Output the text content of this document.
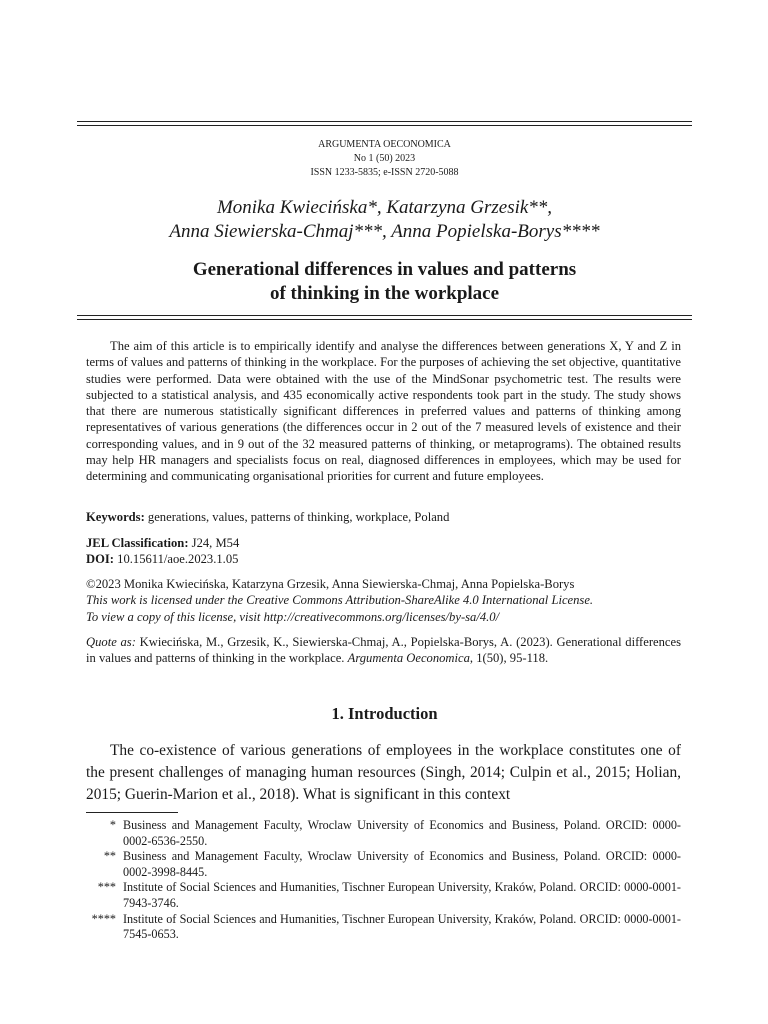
ARGUMENTA OECONOMICA
No 1 (50) 2023
ISSN 1233-5835; e-ISSN 2720-5088
Monika Kwiecińska*, Katarzyna Grzesik**,
Anna Siewierska-Chmaj***, Anna Popielska-Borys****
Generational differences in values and patterns
of thinking in the workplace

The aim of this article is to empirically identify and analyse the differences between generations X, Y and Z in terms of values and patterns of thinking in the workplace. For the purposes of achieving the set objective, quantitative studies were performed. Data were obtained with the use of the MindSonar psychometric test. The results were subjected to a statistical analysis, and 435 economically active respondents took part in the study. The study shows that there are numerous statistically significant differences in preferred values and patterns of thinking among representatives of various generations (the differences occur in 2 out of the 7 measured levels of existence and their corresponding values, and in 9 out of the 32 measured patterns of thinking, or metaprograms). The obtained results may help HR managers and specialists focus on real, diagnosed differences in employees, which may be used for determining and communicating organisational priorities for current and future employees.

Keywords: generations, values, patterns of thinking, workplace, Poland

JEL Classification: J24, M54

DOI: 10.15611/aoe.2023.1.05

©2023 Monika Kwiecińska, Katarzyna Grzesik, Anna Siewierska-Chmaj, Anna Popielska-Borys
This work is licensed under the Creative Commons Attribution-ShareAlike 4.0 International License.
To view a copy of this license, visit http://creativecommons.org/licenses/by-sa/4.0/

Quote as: Kwiecińska, M., Grzesik, K., Siewierska-Chmaj, A., Popielska-Borys, A. (2023). Generational differences in values and patterns of thinking in the workplace. Argumenta Oeconomica, 1(50), 95-118.

1. Introduction

The co-existence of various generations of employees in the workplace constitutes one of the present challenges of managing human resources (Singh, 2014; Culpin et al., 2015; Holian, 2015; Guerin-Marion et al., 2018). What is significant in this context

* Business and Management Faculty, Wroclaw University of Economics and Business, Poland. ORCID: 0000-0002-6536-2550.
** Business and Management Faculty, Wroclaw University of Economics and Business, Poland. ORCID: 0000-0002-3998-8445.
*** Institute of Social Sciences and Humanities, Tischner European University, Kraków, Poland. ORCID: 0000-0001-7943-3746.
**** Institute of Social Sciences and Humanities, Tischner European University, Kraków, Poland. ORCID: 0000-0001-7545-0653.
